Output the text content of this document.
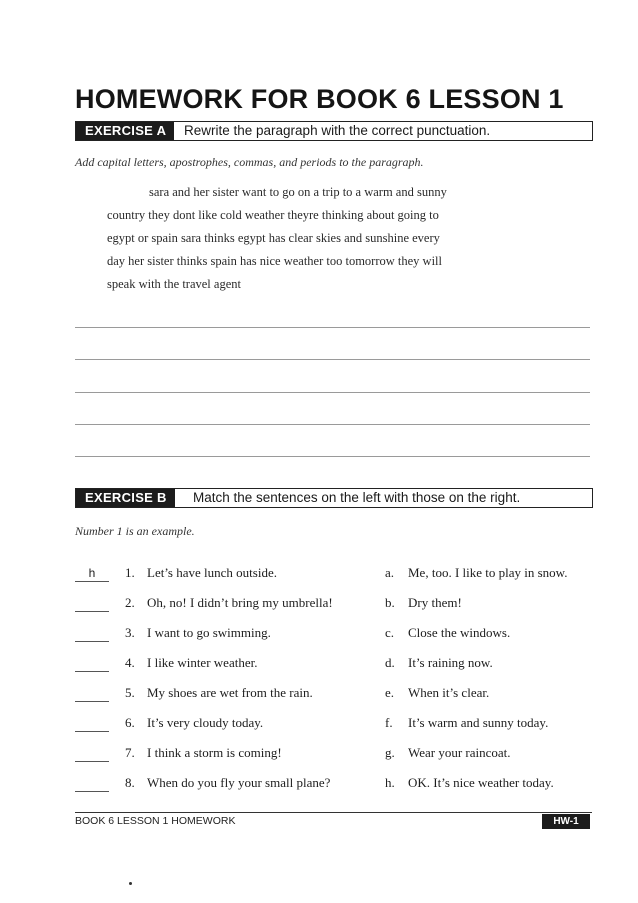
HOMEWORK FOR BOOK 6 LESSON 1
EXERCISE A	Rewrite the paragraph with the correct punctuation.
Add capital letters, apostrophes, commas, and periods to the paragraph.

sara and her sister want to go on a trip to a warm and sunny

country they dont like cold weather theyre thinking about going to

egypt or spain sara thinks egypt has clear skies and sunshine every

day her sister thinks spain has nice weather too tomorrow they will

speak with the travel agent

EXERCISE B	Match the sentences on the left with those on the right.
Number 1 is an example.
h	1. Let’s have lunch outside.	a. Me, too. I like to play in snow.
2. Oh, no! I didn’t bring my umbrella!	b. Dry them!
3. I want to go swimming.	c. Close the windows.
4. I like winter weather.	d. It’s raining now.
5. My shoes are wet from the rain.	e. When it’s clear.
6. It’s very cloudy today.	f. It’s warm and sunny today.
7. I think a storm is coming!	g. Wear your raincoat.
8. When do you fly your small plane?	h. OK. It’s nice weather today.
BOOK 6 LESSON 1 HOMEWORK	HW-1
